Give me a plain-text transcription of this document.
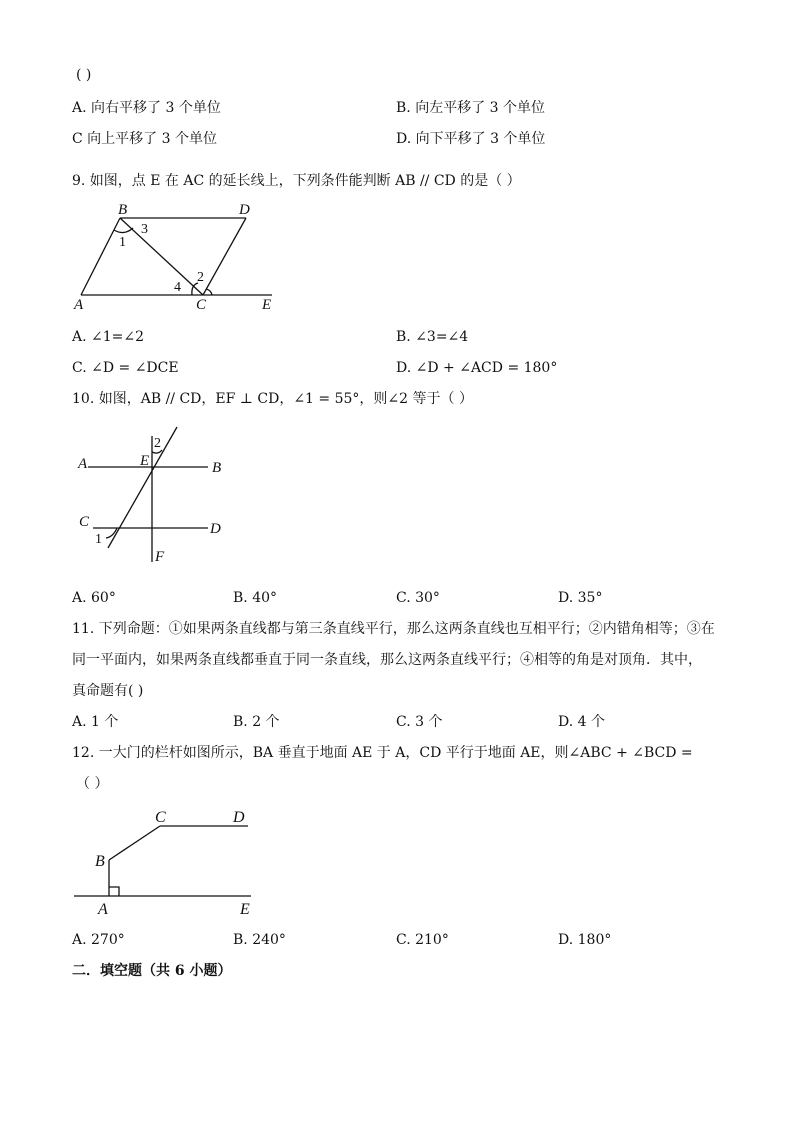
( )
A. 向右平移了 3 个单位	B. 向左平移了 3 个单位
C 向上平移了 3 个单位	D. 向下平移了 3 个单位
9. 如图，点 E 在 AC 的延长线上，下列条件能判断 AB // CD 的是（ ）
B	D
A	C	E
1
3
4
2
A. ∠1=∠2	B. ∠3=∠4
C. ∠D = ∠DCE	D. ∠D + ∠ACD = 180°
10. 如图，AB // CD，EF ⊥ CD，∠1 = 55°，则∠2 等于（ ）
A	E	B
C	D
F
2
1
A. 60°	B. 40°	C. 30°	D. 35°
11. 下列命题：①如果两条直线都与第三条直线平行，那么这两条直线也互相平行；②内错角相等；③在
同一平面内，如果两条直线都垂直于同一条直线，那么这两条直线平行；④相等的角是对顶角．其中，
真命题有( )
A. 1 个	B. 2 个	C. 3 个	D. 4 个
12. 一大门的栏杆如图所示，BA 垂直于地面 AE 于 A，CD 平行于地面 AE，则∠ABC + ∠BCD =
（ ）
C	D
B
A	E
A. 270°	B. 240°	C. 210°	D. 180°
二．填空题（共 6 小题）
